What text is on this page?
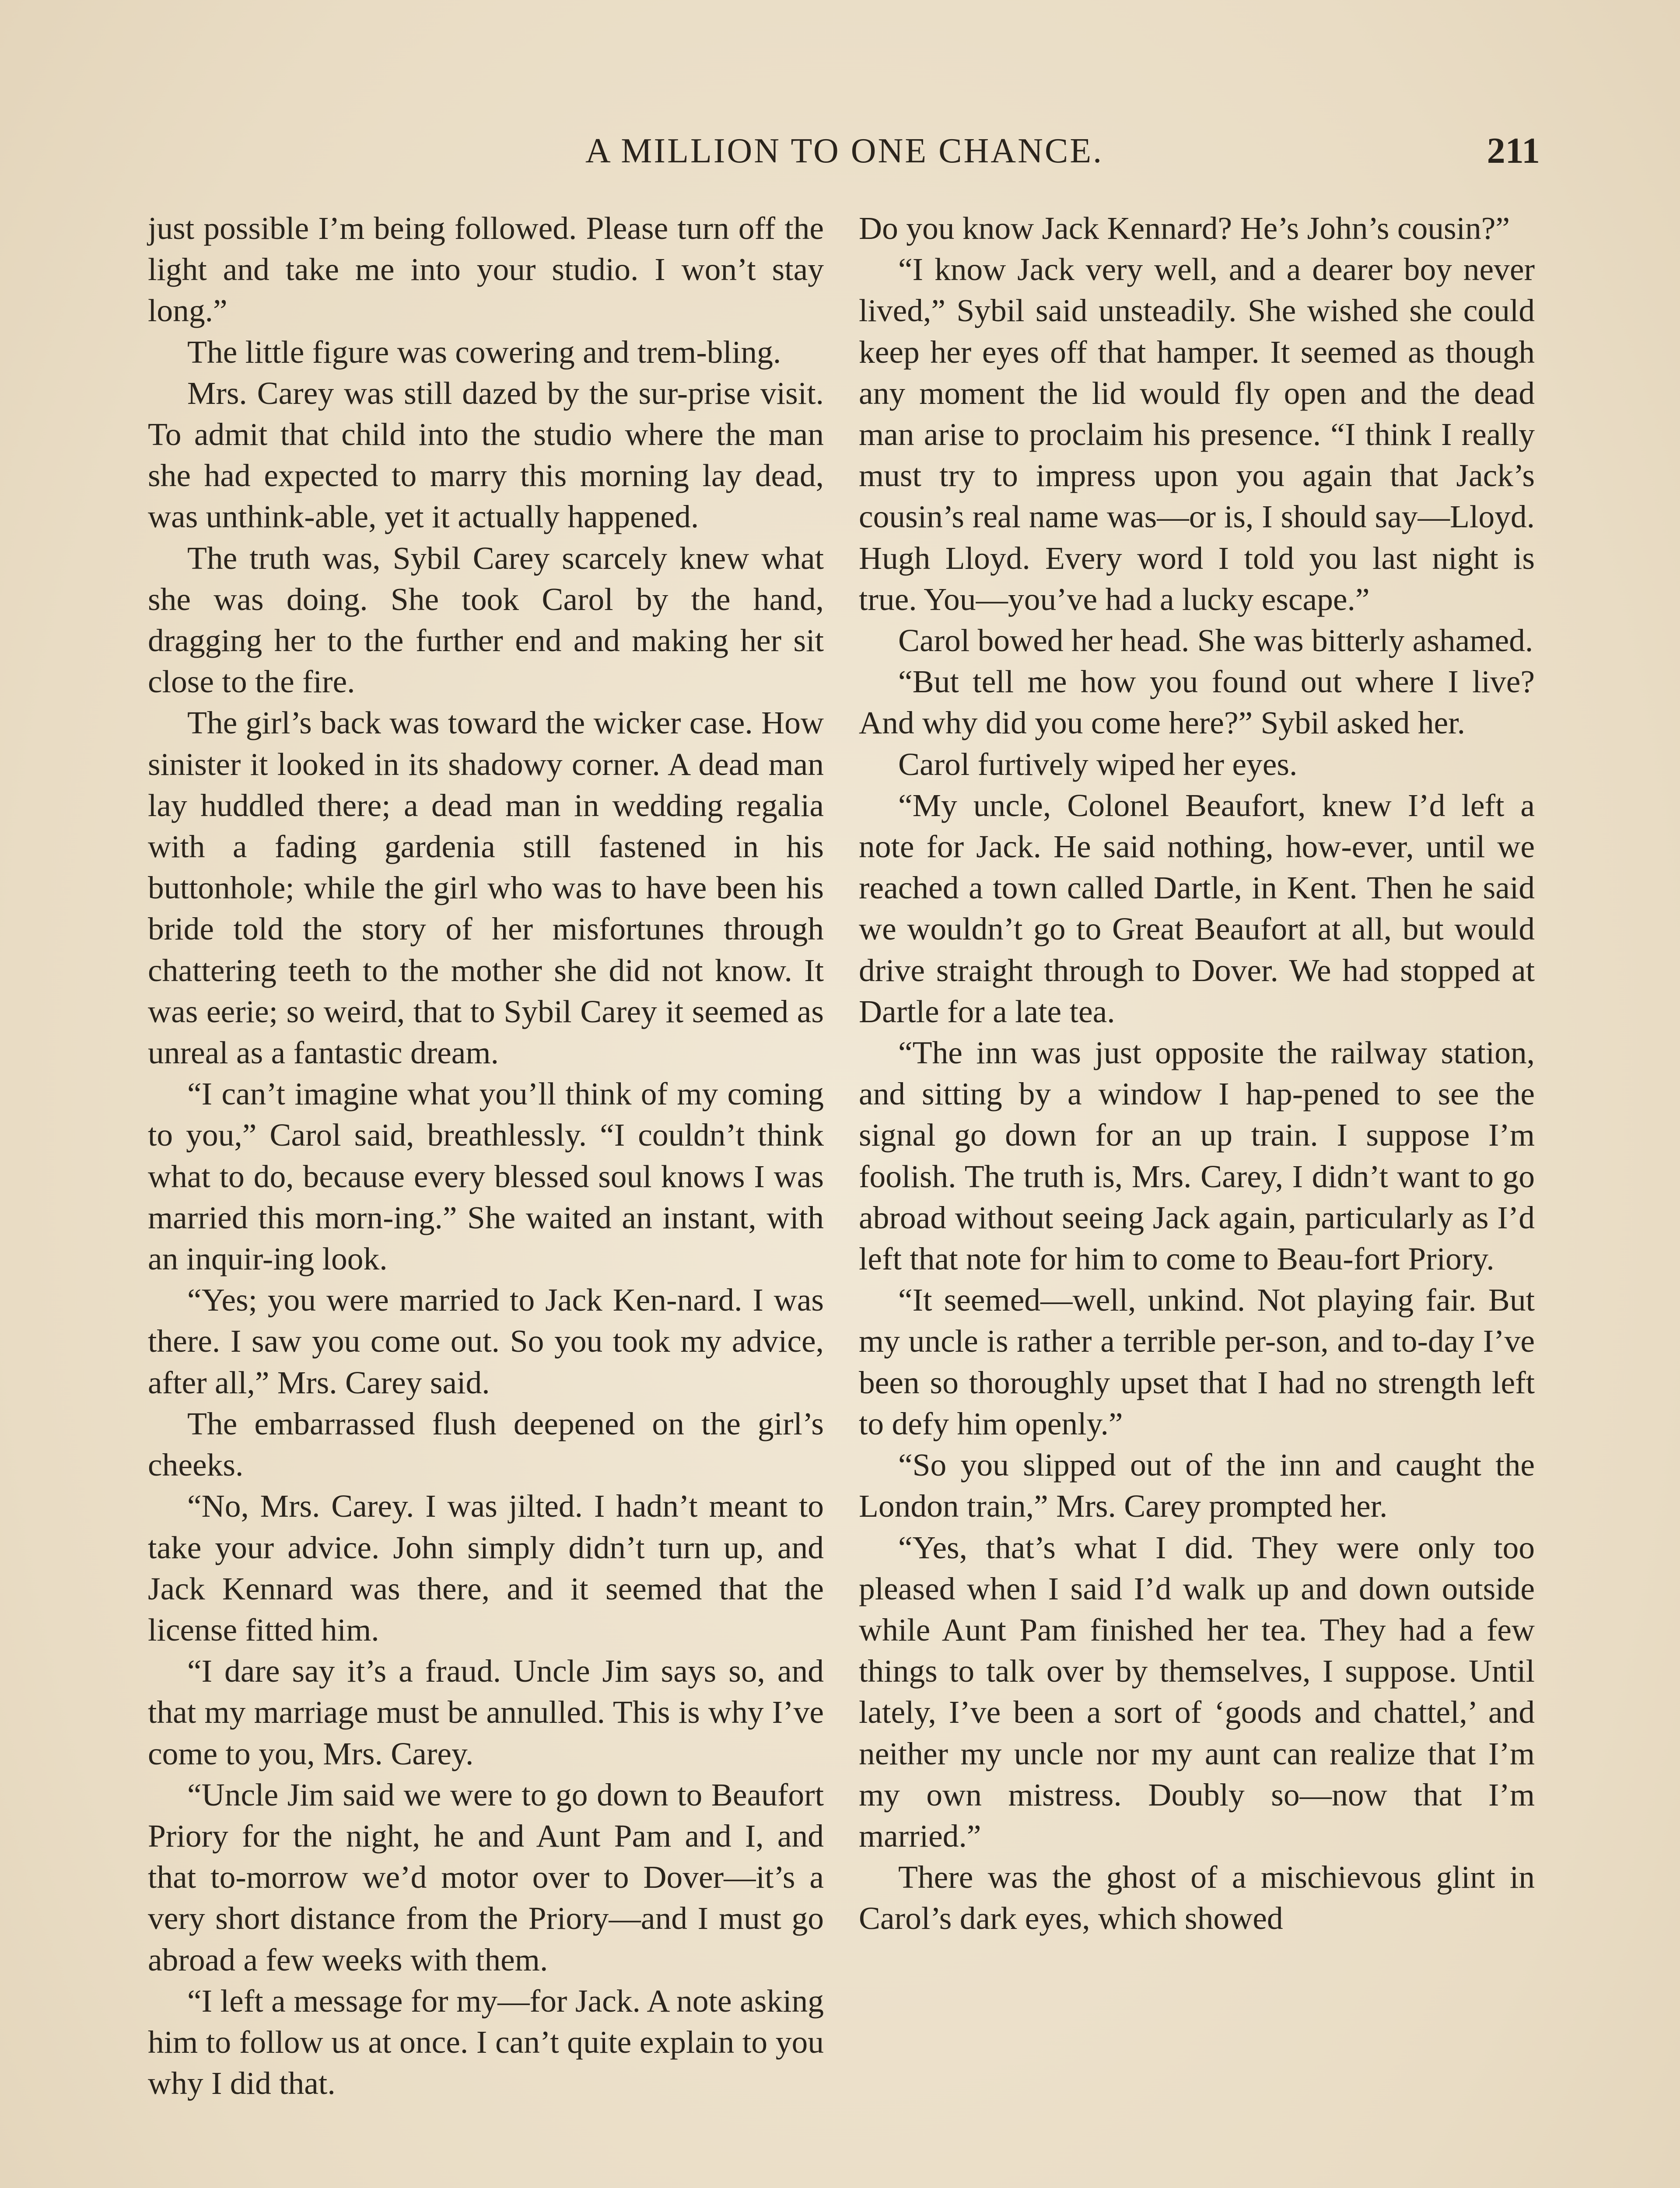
A MILLION TO ONE CHANCE.	211

just possible I’m being followed. Please turn off the light and take me into your studio. I won’t stay long.”

The little figure was cowering and trem-bling.

Mrs. Carey was still dazed by the sur-prise visit. To admit that child into the studio where the man she had expected to marry this morning lay dead, was unthink-able, yet it actually happened.

The truth was, Sybil Carey scarcely knew what she was doing. She took Carol by the hand, dragging her to the further end and making her sit close to the fire.

The girl’s back was toward the wicker case. How sinister it looked in its shadowy corner. A dead man lay huddled there; a dead man in wedding regalia with a fading gardenia still fastened in his buttonhole; while the girl who was to have been his bride told the story of her misfortunes through chattering teeth to the mother she did not know. It was eerie; so weird, that to Sybil Carey it seemed as unreal as a fantastic dream.

“I can’t imagine what you’ll think of my coming to you,” Carol said, breathlessly. “I couldn’t think what to do, because every blessed soul knows I was married this morn-ing.” She waited an instant, with an inquir-ing look.

“Yes; you were married to Jack Ken-nard. I was there. I saw you come out. So you took my advice, after all,” Mrs. Carey said.

The embarrassed flush deepened on the girl’s cheeks.

“No, Mrs. Carey. I was jilted. I hadn’t meant to take your advice. John simply didn’t turn up, and Jack Kennard was there, and it seemed that the license fitted him.

“I dare say it’s a fraud. Uncle Jim says so, and that my marriage must be annulled. This is why I’ve come to you, Mrs. Carey.

“Uncle Jim said we were to go down to Beaufort Priory for the night, he and Aunt Pam and I, and that to-morrow we’d motor over to Dover—it’s a very short distance from the Priory—and I must go abroad a few weeks with them.

“I left a message for my—for Jack. A note asking him to follow us at once. I can’t quite explain to you why I did that.

Do you know Jack Kennard? He’s John’s cousin?”

“I know Jack very well, and a dearer boy never lived,” Sybil said unsteadily. She wished she could keep her eyes off that hamper. It seemed as though any moment the lid would fly open and the dead man arise to proclaim his presence. “I think I really must try to impress upon you again that Jack’s cousin’s real name was—or is, I should say—Lloyd. Hugh Lloyd. Every word I told you last night is true. You—you’ve had a lucky escape.”

Carol bowed her head. She was bitterly ashamed.

“But tell me how you found out where I live? And why did you come here?” Sybil asked her.

Carol furtively wiped her eyes.

“My uncle, Colonel Beaufort, knew I’d left a note for Jack. He said nothing, how-ever, until we reached a town called Dartle, in Kent. Then he said we wouldn’t go to Great Beaufort at all, but would drive straight through to Dover. We had stopped at Dartle for a late tea.

“The inn was just opposite the railway station, and sitting by a window I hap-pened to see the signal go down for an up train. I suppose I’m foolish. The truth is, Mrs. Carey, I didn’t want to go abroad without seeing Jack again, particularly as I’d left that note for him to come to Beau-fort Priory.

“It seemed—well, unkind. Not playing fair. But my uncle is rather a terrible per-son, and to-day I’ve been so thoroughly upset that I had no strength left to defy him openly.”

“So you slipped out of the inn and caught the London train,” Mrs. Carey prompted her.

“Yes, that’s what I did. They were only too pleased when I said I’d walk up and down outside while Aunt Pam finished her tea. They had a few things to talk over by themselves, I suppose. Until lately, I’ve been a sort of ‘goods and chattel,’ and neither my uncle nor my aunt can realize that I’m my own mistress. Doubly so—now that I’m married.”

There was the ghost of a mischievous glint in Carol’s dark eyes, which showed
